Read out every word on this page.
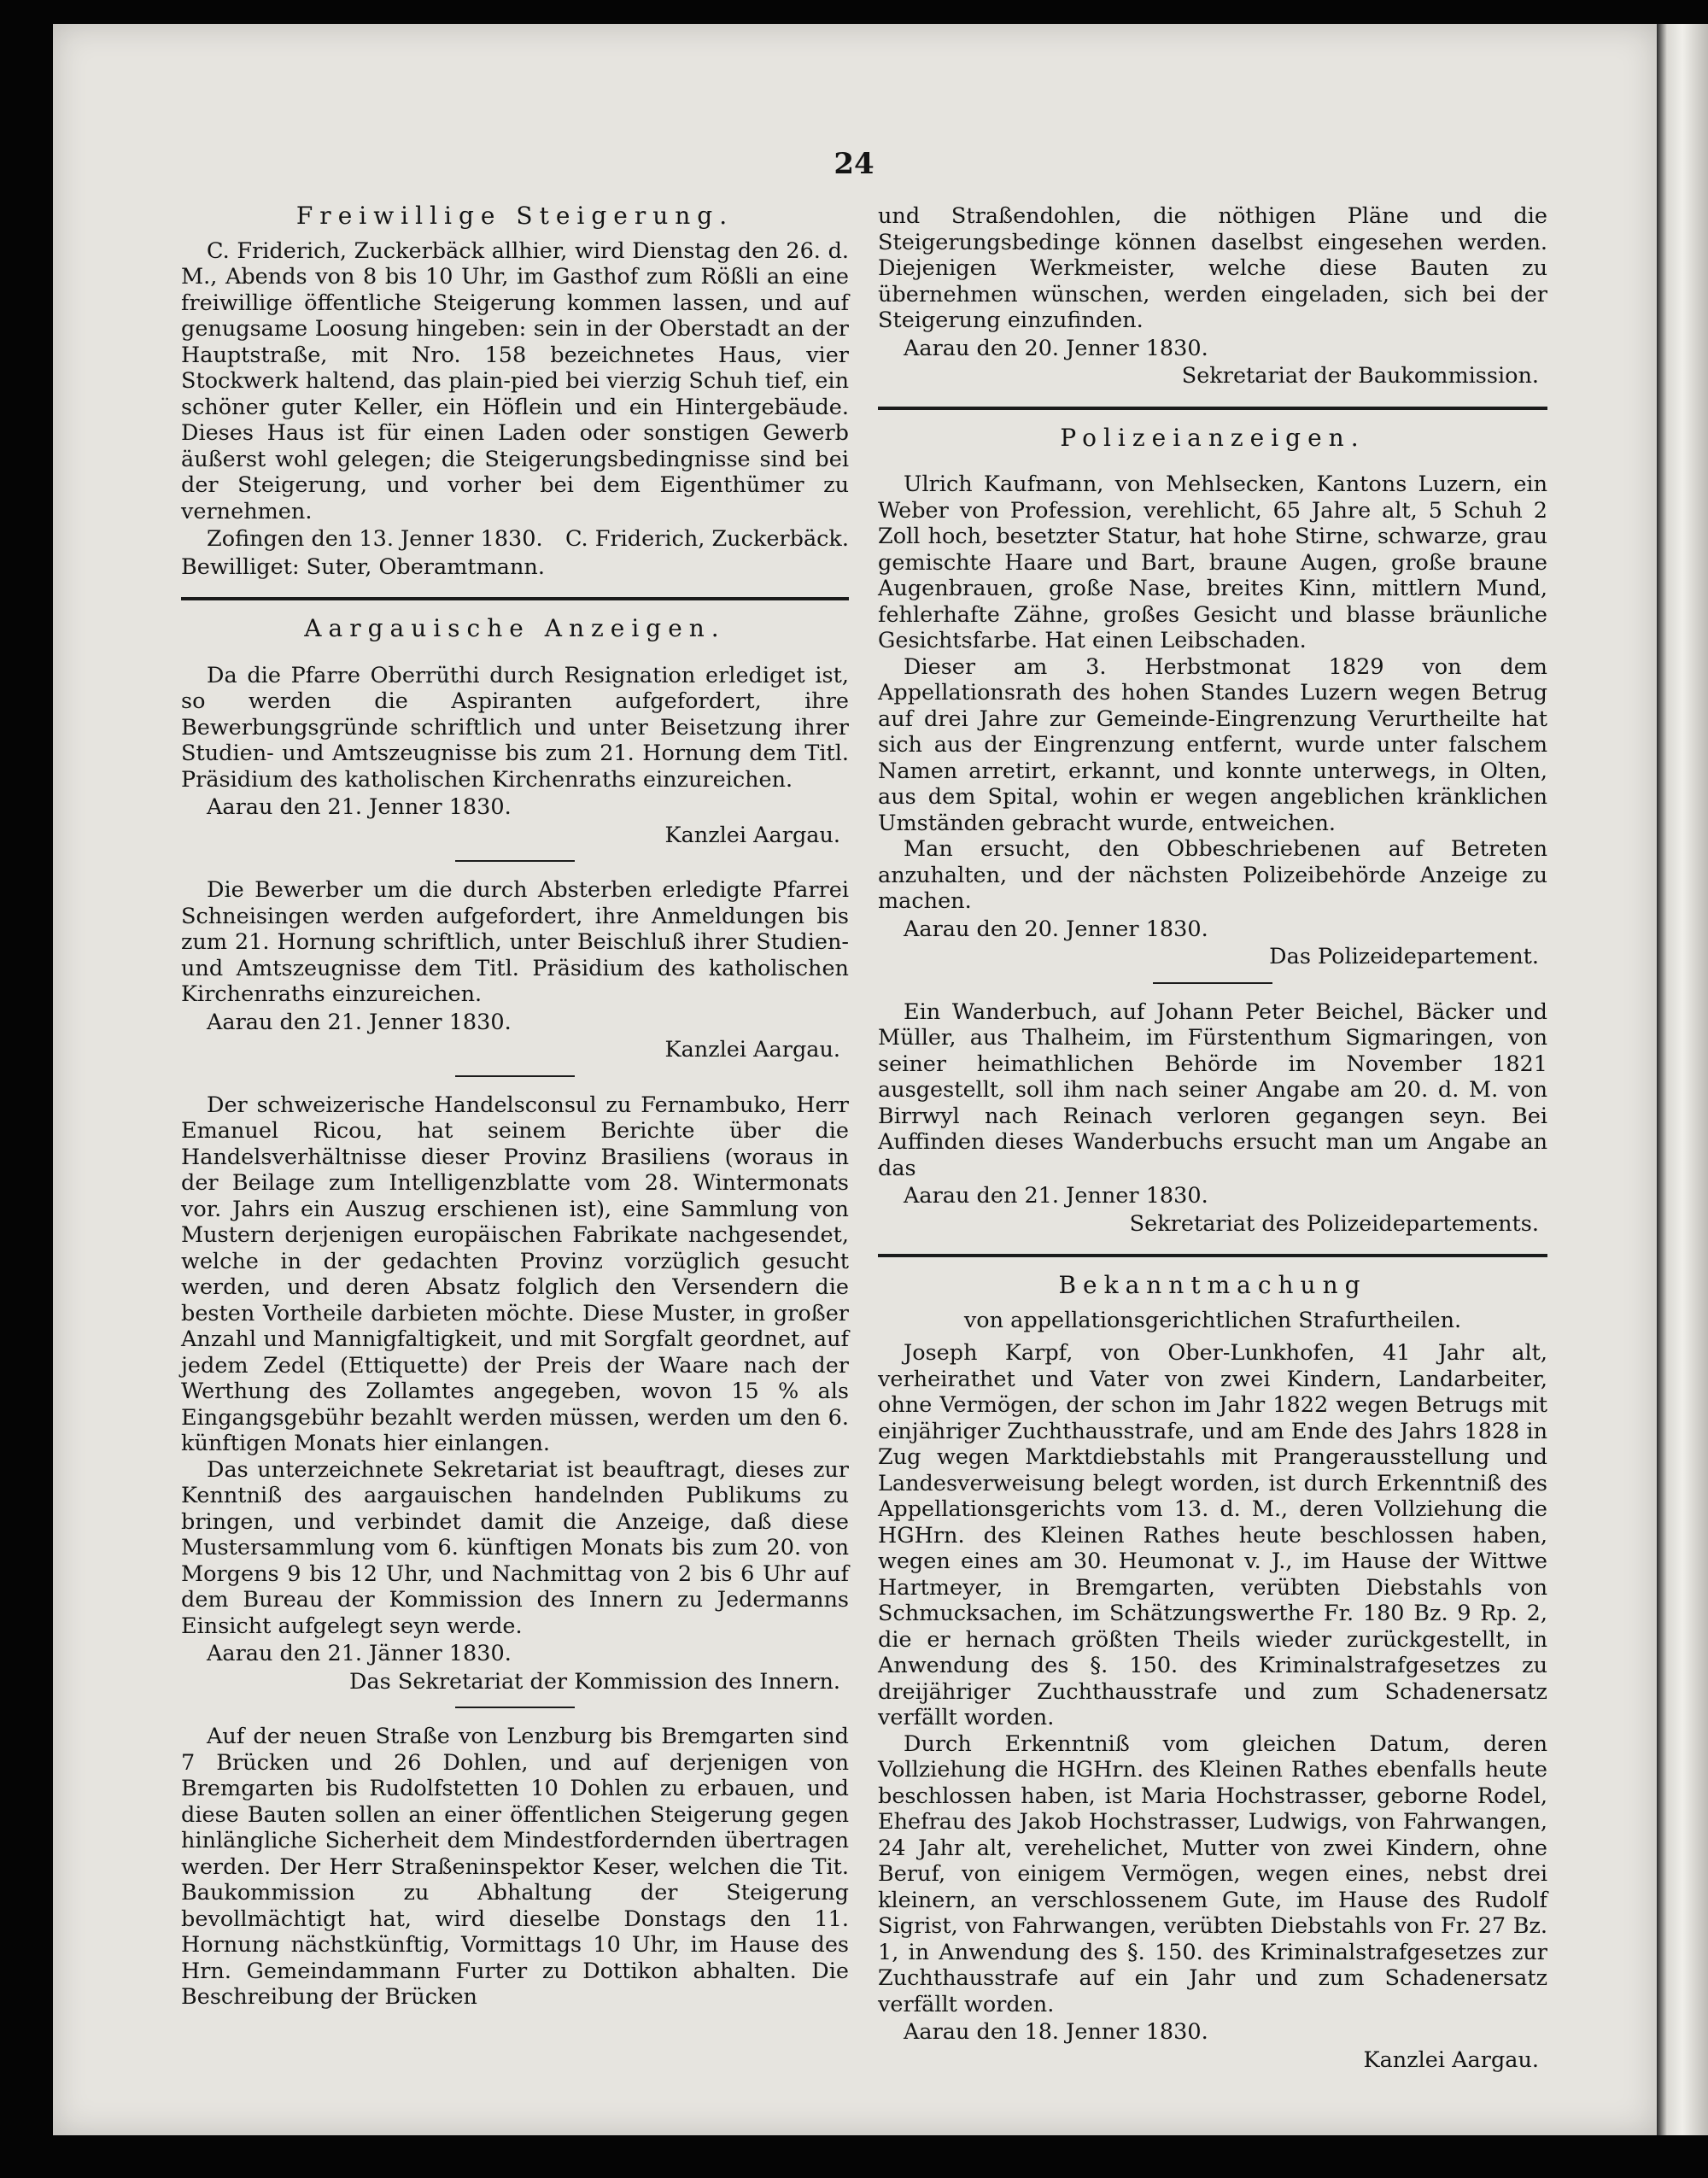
24
Freiwillige Steigerung.

C. Friderich, Zuckerbäck allhier, wird Dienstag den 26. d. M., Abends von 8 bis 10 Uhr, im Gasthof zum Rößli an eine freiwillige öffentliche Steigerung kommen lassen, und auf genugsame Loosung hingeben: sein in der Oberstadt an der Hauptstraße, mit Nro. 158 bezeichnetes Haus, vier Stockwerk haltend, das plain-pied bei vierzig Schuh tief, ein schöner guter Keller, ein Höflein und ein Hintergebäude. Dieses Haus ist für einen Laden oder sonstigen Gewerb äußerst wohl gelegen; die Steigerungsbedingnisse sind bei der Steigerung, und vorher bei dem Eigenthümer zu vernehmen.

Zofingen den 13. Jenner 1830. C. Friderich, Zuckerbäck.
Bewilliget: Suter, Oberamtmann.
Aargauische Anzeigen.

Da die Pfarre Oberrüthi durch Resignation erlediget ist, so werden die Aspiranten aufgefordert, ihre Bewerbungsgründe schriftlich und unter Beisetzung ihrer Studien- und Amtszeugnisse bis zum 21. Hornung dem Titl. Präsidium des katholischen Kirchenraths einzureichen.

Aarau den 21. Jenner 1830.
Kanzlei Aargau.

Die Bewerber um die durch Absterben erledigte Pfarrei Schneisingen werden aufgefordert, ihre Anmeldungen bis zum 21. Hornung schriftlich, unter Beischluß ihrer Studien- und Amtszeugnisse dem Titl. Präsidium des katholischen Kirchenraths einzureichen.

Aarau den 21. Jenner 1830.
Kanzlei Aargau.

Der schweizerische Handelsconsul zu Fernambuko, Herr Emanuel Ricou, hat seinem Berichte über die Handelsverhältnisse dieser Provinz Brasiliens (woraus in der Beilage zum Intelligenzblatte vom 28. Wintermonats vor. Jahrs ein Auszug erschienen ist), eine Sammlung von Mustern derjenigen europäischen Fabrikate nachgesendet, welche in der gedachten Provinz vorzüglich gesucht werden, und deren Absatz folglich den Versendern die besten Vortheile darbieten möchte. Diese Muster, in großer Anzahl und Mannigfaltigkeit, und mit Sorgfalt geordnet, auf jedem Zedel (Ettiquette) der Preis der Waare nach der Werthung des Zollamtes angegeben, wovon 15 % als Eingangsgebühr bezahlt werden müssen, werden um den 6. künftigen Monats hier einlangen.

Das unterzeichnete Sekretariat ist beauftragt, dieses zur Kenntniß des aargauischen handelnden Publikums zu bringen, und verbindet damit die Anzeige, daß diese Mustersammlung vom 6. künftigen Monats bis zum 20. von Morgens 9 bis 12 Uhr, und Nachmittag von 2 bis 6 Uhr auf dem Bureau der Kommission des Innern zu Jedermanns Einsicht aufgelegt seyn werde.

Aarau den 21. Jänner 1830.
Das Sekretariat der Kommission des Innern.

Auf der neuen Straße von Lenzburg bis Bremgarten sind 7 Brücken und 26 Dohlen, und auf derjenigen von Bremgarten bis Rudolfstetten 10 Dohlen zu erbauen, und diese Bauten sollen an einer öffentlichen Steigerung gegen hinlängliche Sicherheit dem Mindestfordernden übertragen werden. Der Herr Straßeninspektor Keser, welchen die Tit. Baukommission zu Abhaltung der Steigerung bevollmächtigt hat, wird dieselbe Donstags den 11. Hornung nächstkünftig, Vormittags 10 Uhr, im Hause des Hrn. Gemeindammann Furter zu Dottikon abhalten. Die Beschreibung der Brücken

und Straßendohlen, die nöthigen Pläne und die Steigerungsbedinge können daselbst eingesehen werden. Diejenigen Werkmeister, welche diese Bauten zu übernehmen wünschen, werden eingeladen, sich bei der Steigerung einzufinden.

Aarau den 20. Jenner 1830.
Sekretariat der Baukommission.
Polizeianzeigen.

Ulrich Kaufmann, von Mehlsecken, Kantons Luzern, ein Weber von Profession, verehlicht, 65 Jahre alt, 5 Schuh 2 Zoll hoch, besetzter Statur, hat hohe Stirne, schwarze, grau gemischte Haare und Bart, braune Augen, große braune Augenbrauen, große Nase, breites Kinn, mittlern Mund, fehlerhafte Zähne, großes Gesicht und blasse bräunliche Gesichtsfarbe. Hat einen Leibschaden.

Dieser am 3. Herbstmonat 1829 von dem Appellationsrath des hohen Standes Luzern wegen Betrug auf drei Jahre zur Gemeinde-Eingrenzung Verurtheilte hat sich aus der Eingrenzung entfernt, wurde unter falschem Namen arretirt, erkannt, und konnte unterwegs, in Olten, aus dem Spital, wohin er wegen angeblichen kränklichen Umständen gebracht wurde, entweichen.

Man ersucht, den Obbeschriebenen auf Betreten anzuhalten, und der nächsten Polizeibehörde Anzeige zu machen.

Aarau den 20. Jenner 1830.
Das Polizeidepartement.

Ein Wanderbuch, auf Johann Peter Beichel, Bäcker und Müller, aus Thalheim, im Fürstenthum Sigmaringen, von seiner heimathlichen Behörde im November 1821 ausgestellt, soll ihm nach seiner Angabe am 20. d. M. von Birrwyl nach Reinach verloren gegangen seyn. Bei Auffinden dieses Wanderbuchs ersucht man um Angabe an das

Aarau den 21. Jenner 1830.
Sekretariat des Polizeidepartements.
Bekanntmachung
von appellationsgerichtlichen Strafurtheilen.

Joseph Karpf, von Ober-Lunkhofen, 41 Jahr alt, verheirathet und Vater von zwei Kindern, Landarbeiter, ohne Vermögen, der schon im Jahr 1822 wegen Betrugs mit einjähriger Zuchthausstrafe, und am Ende des Jahrs 1828 in Zug wegen Marktdiebstahls mit Prangerausstellung und Landesverweisung belegt worden, ist durch Erkenntniß des Appellationsgerichts vom 13. d. M., deren Vollziehung die HGHrn. des Kleinen Rathes heute beschlossen haben, wegen eines am 30. Heumonat v. J., im Hause der Wittwe Hartmeyer, in Bremgarten, verübten Diebstahls von Schmucksachen, im Schätzungswerthe Fr. 180 Bz. 9 Rp. 2, die er hernach größten Theils wieder zurückgestellt, in Anwendung des §. 150. des Kriminalstrafgesetzes zu dreijähriger Zuchthausstrafe und zum Schadenersatz verfällt worden.

Durch Erkenntniß vom gleichen Datum, deren Vollziehung die HGHrn. des Kleinen Rathes ebenfalls heute beschlossen haben, ist Maria Hochstrasser, geborne Rodel, Ehefrau des Jakob Hochstrasser, Ludwigs, von Fahrwangen, 24 Jahr alt, verehelichet, Mutter von zwei Kindern, ohne Beruf, von einigem Vermögen, wegen eines, nebst drei kleinern, an verschlossenem Gute, im Hause des Rudolf Sigrist, von Fahrwangen, verübten Diebstahls von Fr. 27 Bz. 1, in Anwendung des §. 150. des Kriminalstrafgesetzes zur Zuchthausstrafe auf ein Jahr und zum Schadenersatz verfällt worden.

Aarau den 18. Jenner 1830.
Kanzlei Aargau.
